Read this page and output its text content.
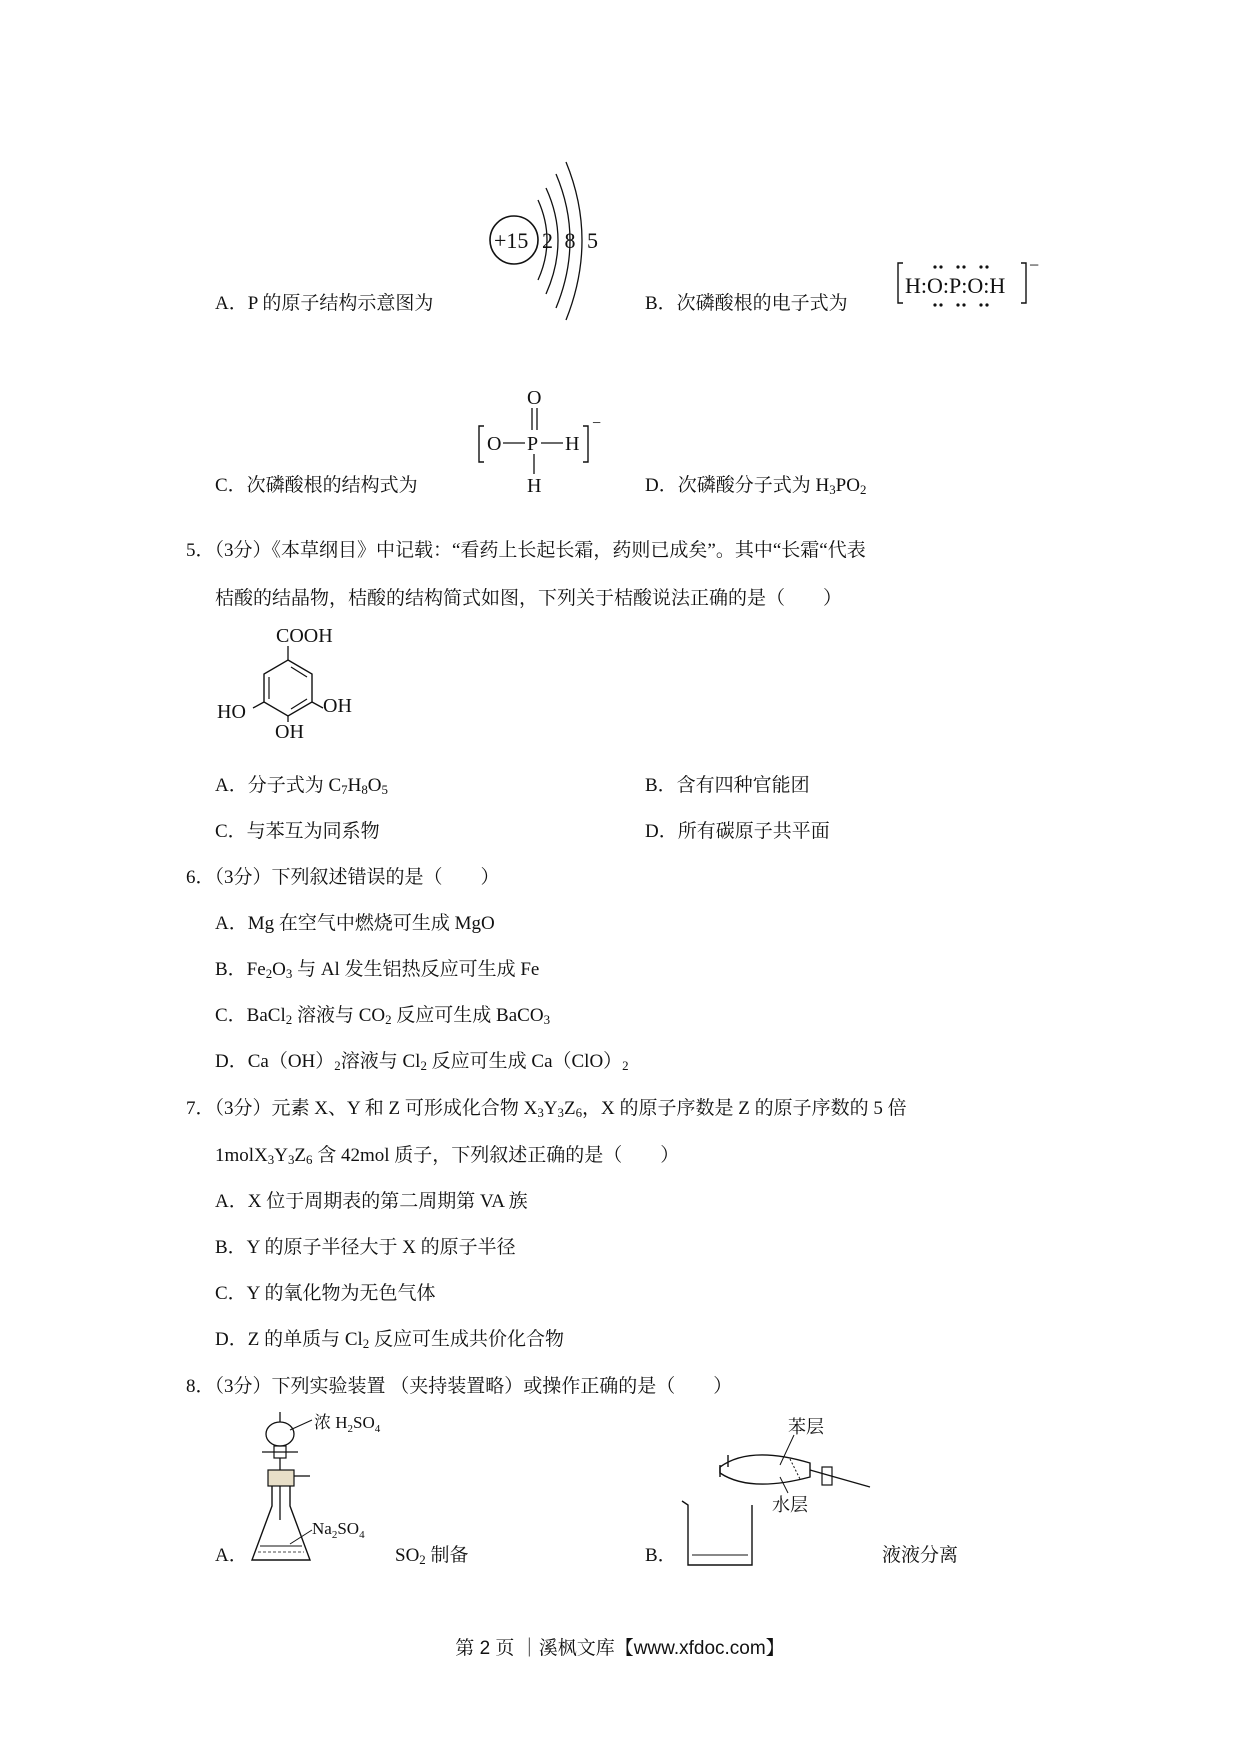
A．P 的原子结构示意图为
+15 2 8 5
B．次磷酸根的电子式为
H:O:P:O:H
−
C．次磷酸根的结构式为
O
O P H
−
H	D．次磷酸分子式为 $H_3PO_2$
5．（3分）《本草纲目》中记载：“看药上长起长霜，药则已成矣”。其中“长霜“代表
桔酸的结晶物，桔酸的结构简式如图，下列关于桔酸说法正确的是（　　）
COOH
HO	OH
OH
A．分子式为 $C_7H_8O_5$	B．含有四种官能团
C．与苯互为同系物	D．所有碳原子共平面
6．（3分）下列叙述错误的是（　　）
A．Mg 在空气中燃烧可生成 MgO
B．$Fe_2O_3$ 与 Al 发生铝热反应可生成 Fe
C．BaCl$_2$ 溶液与 $CO_2$ 反应可生成 BaCO$_3$
D．$Ca(OH)_2$溶液与 $Cl_2$ 反应可生成 $Ca(ClO)_2$
7．（3分）元素 X、Y 和 Z 可形成化合物 $X_3Y_3Z_6$，X 的原子序数是 Z 的原子序数的 5 倍
$1molX_3Y_3Z_6$ 含 42mol 质子，下列叙述正确的是（　　）
A．X 位于周期表的第二周期第 VA 族
B．Y 的原子半径大于 X 的原子半径
C．Y 的氧化物为无色气体
D．Z 的单质与 $Cl_2$ 反应可生成共价化合物
8．（3分）下列实验装置 （夹持装置略）或操作正确的是（　　）
A．
浓 $H_2SO_4$
$Na_2SO_4$
$SO_2$ 制备	B．
苯层
水层
液液分离
第 2 页 ｜溪枫文库【www.xfdoc.com】
